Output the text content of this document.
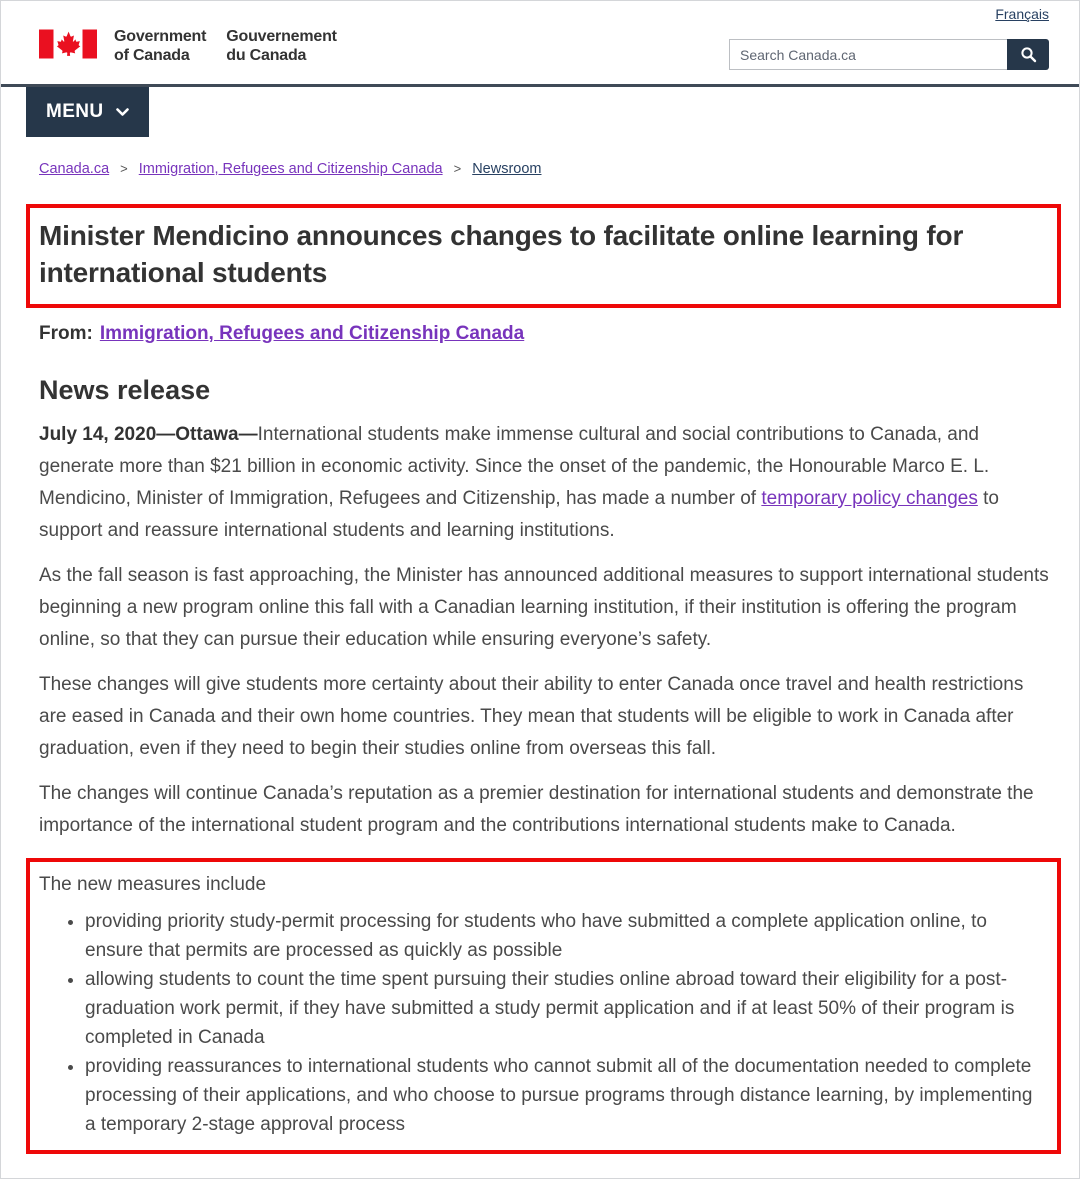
Français
Government
of Canada
Gouvernement
du Canada
Search Canada.ca
MENU
Canada.ca > Immigration, Refugees and Citizenship Canada > Newsroom
Minister Mendicino announces changes to facilitate online learning for international students

From: Immigration, Refugees and Citizenship Canada

News release

July 14, 2020—Ottawa—International students make immense cultural and social contributions to Canada, and generate more than $21 billion in economic activity. Since the onset of the pandemic, the Honourable Marco E. L. Mendicino, Minister of Immigration, Refugees and Citizenship, has made a number of temporary policy changes to support and reassure international students and learning institutions.

As the fall season is fast approaching, the Minister has announced additional measures to support international students beginning a new program online this fall with a Canadian learning institution, if their institution is offering the program online, so that they can pursue their education while ensuring everyone’s safety.

These changes will give students more certainty about their ability to enter Canada once travel and health restrictions are eased in Canada and their own home countries. They mean that students will be eligible to work in Canada after graduation, even if they need to begin their studies online from overseas this fall.

The changes will continue Canada’s reputation as a premier destination for international students and demonstrate the importance of the international student program and the contributions international students make to Canada.

The new measures include

• providing priority study-permit processing for students who have submitted a complete application online, to ensure that permits are processed as quickly as possible
• allowing students to count the time spent pursuing their studies online abroad toward their eligibility for a post-graduation work permit, if they have submitted a study permit application and if at least 50% of their program is completed in Canada
• providing reassurances to international students who cannot submit all of the documentation needed to complete processing of their applications, and who choose to pursue programs through distance learning, by implementing a temporary 2-stage approval process
